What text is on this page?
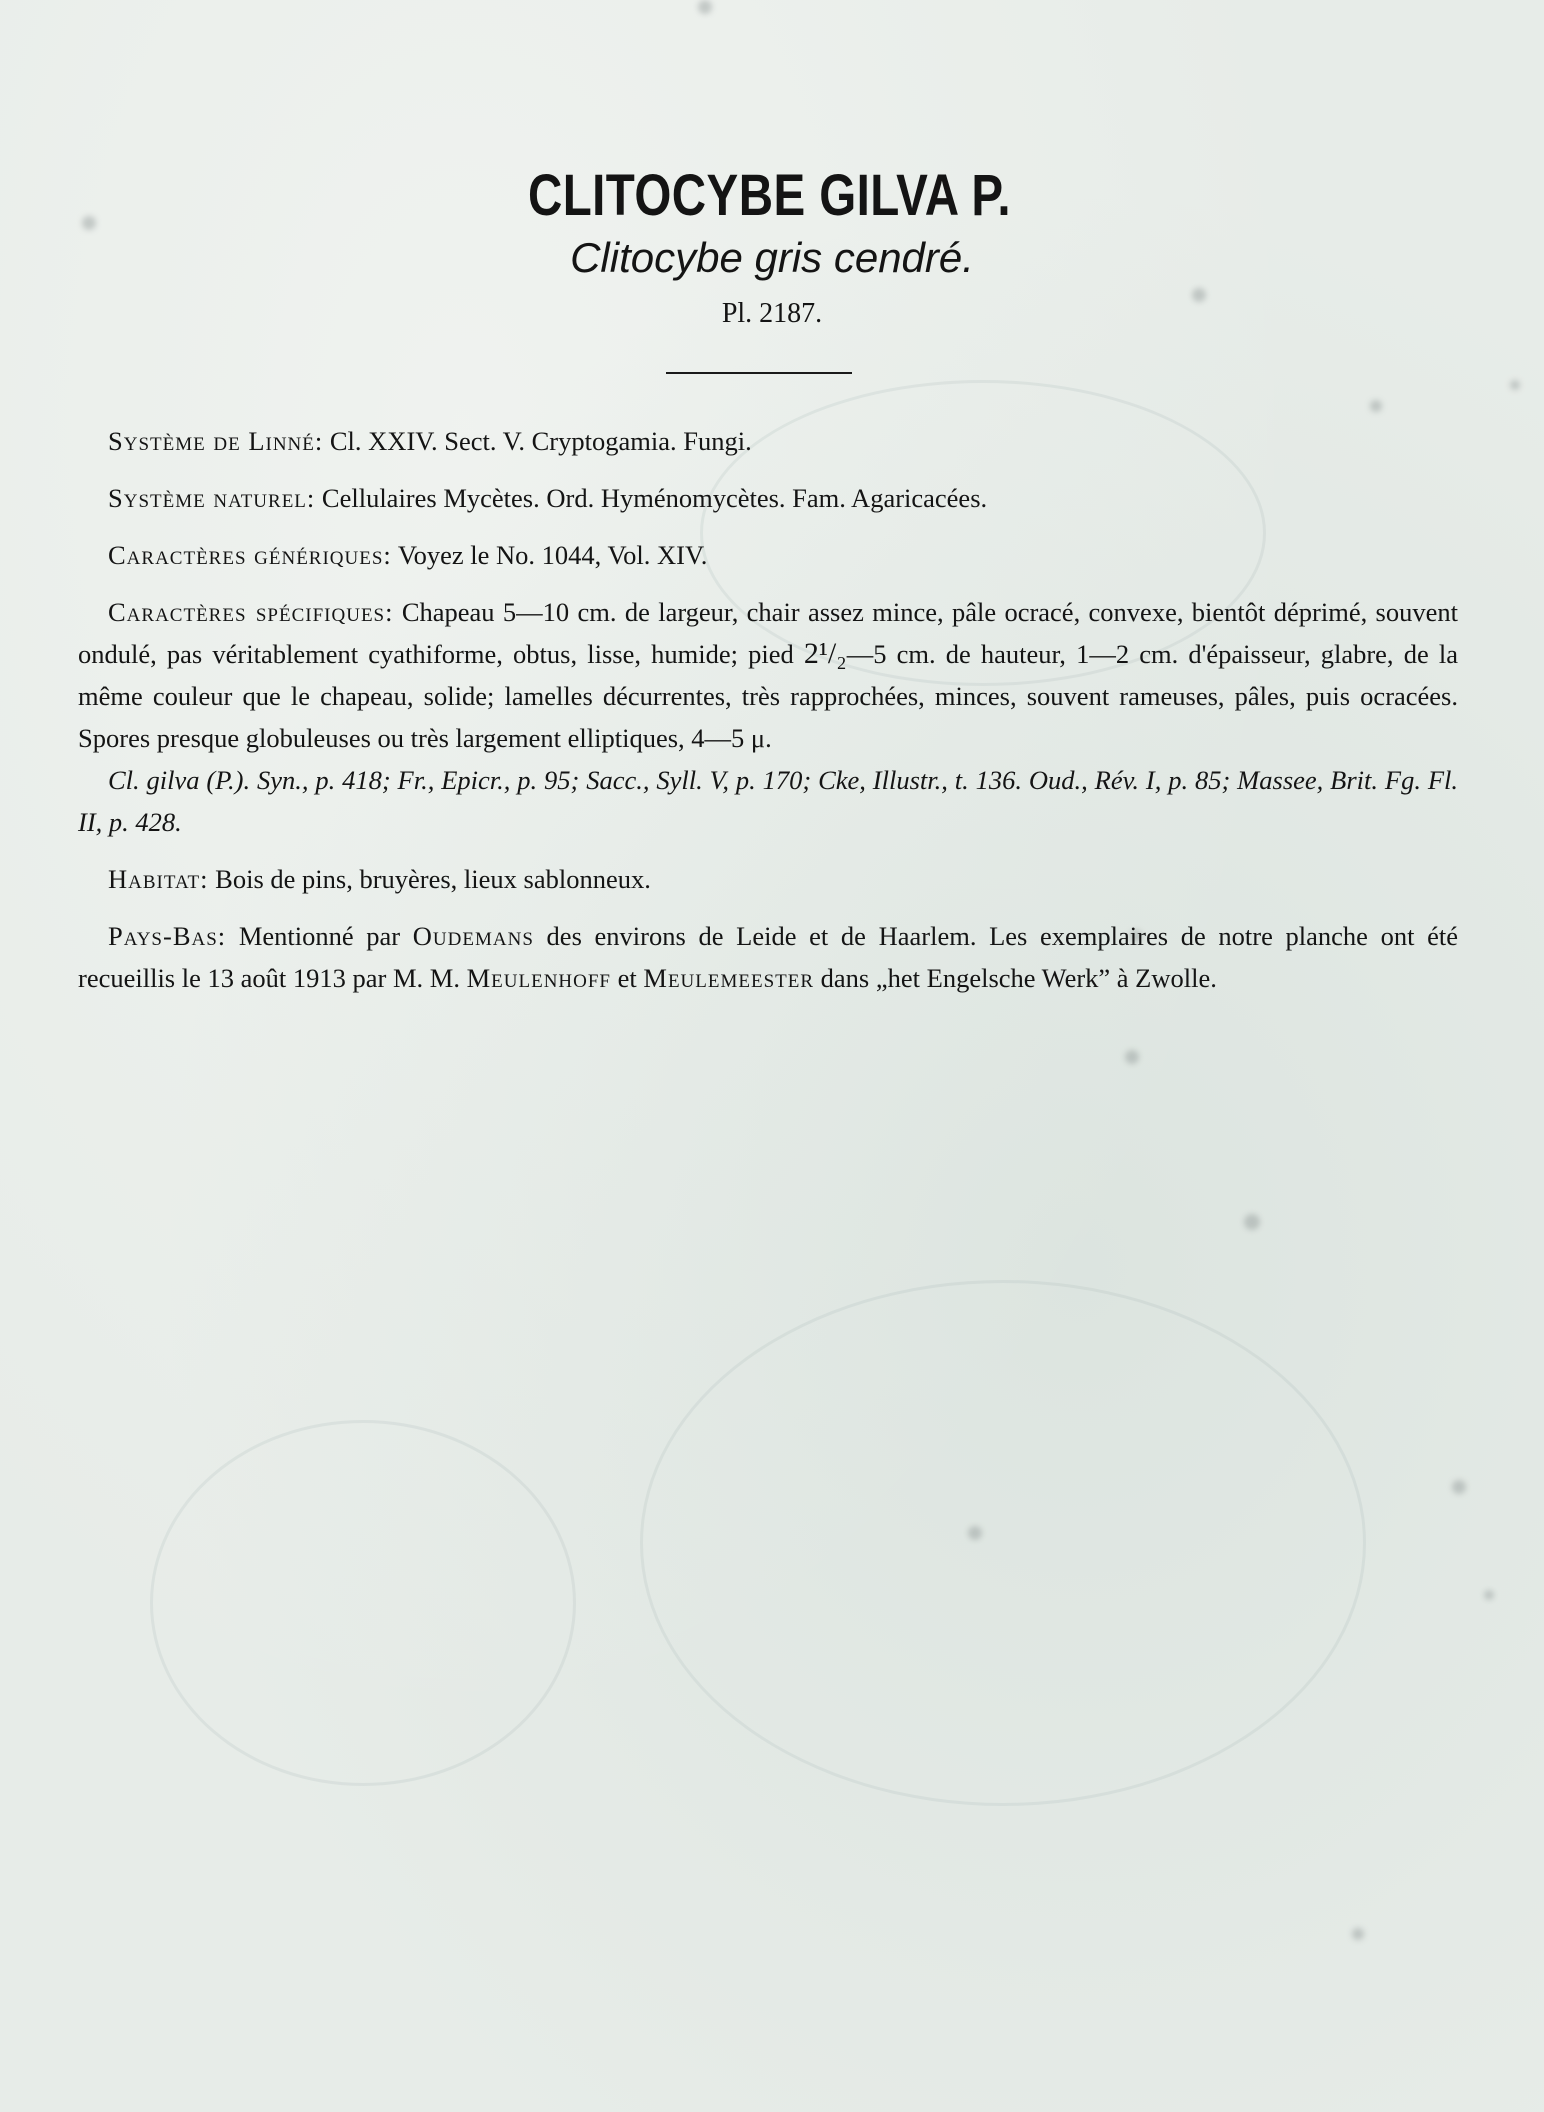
CLITOCYBE GILVA P.
Clitocybe gris cendré.
Pl. 2187.

Système de Linné: Cl. XXIV. Sect. V. Cryptogamia. Fungi.

Système naturel: Cellulaires Mycètes. Ord. Hyménomycètes. Fam. Agaricacées.

Caractères génériques: Voyez le No. 1044, Vol. XIV.

Caractères spécifiques: Chapeau 5—10 cm. de largeur, chair assez mince, pâle ocracé, convexe, bientôt déprimé, souvent ondulé, pas véritablement cyathiforme, obtus, lisse, humide; pied 2¹/₂—5 cm. de hauteur, 1—2 cm. d'épaisseur, glabre, de la même couleur que le chapeau, solide; lamelles décurrentes, très rapprochées, minces, souvent rameuses, pâles, puis ocracées. Spores presque globuleuses ou très largement elliptiques, 4—5 μ.

Cl. gilva (P.). Syn., p. 418; Fr., Epicr., p. 95; Sacc., Syll. V, p. 170; Cke, Illustr., t. 136. Oud., Rév. I, p. 85; Massee, Brit. Fg. Fl. II, p. 428.

Habitat: Bois de pins, bruyères, lieux sablonneux.

Pays-Bas: Mentionné par Oudemans des environs de Leide et de Haarlem. Les exemplaires de notre planche ont été recueillis le 13 août 1913 par M. M. Meulenhoff et Meulemeester dans „het Engelsche Werk” à Zwolle.
